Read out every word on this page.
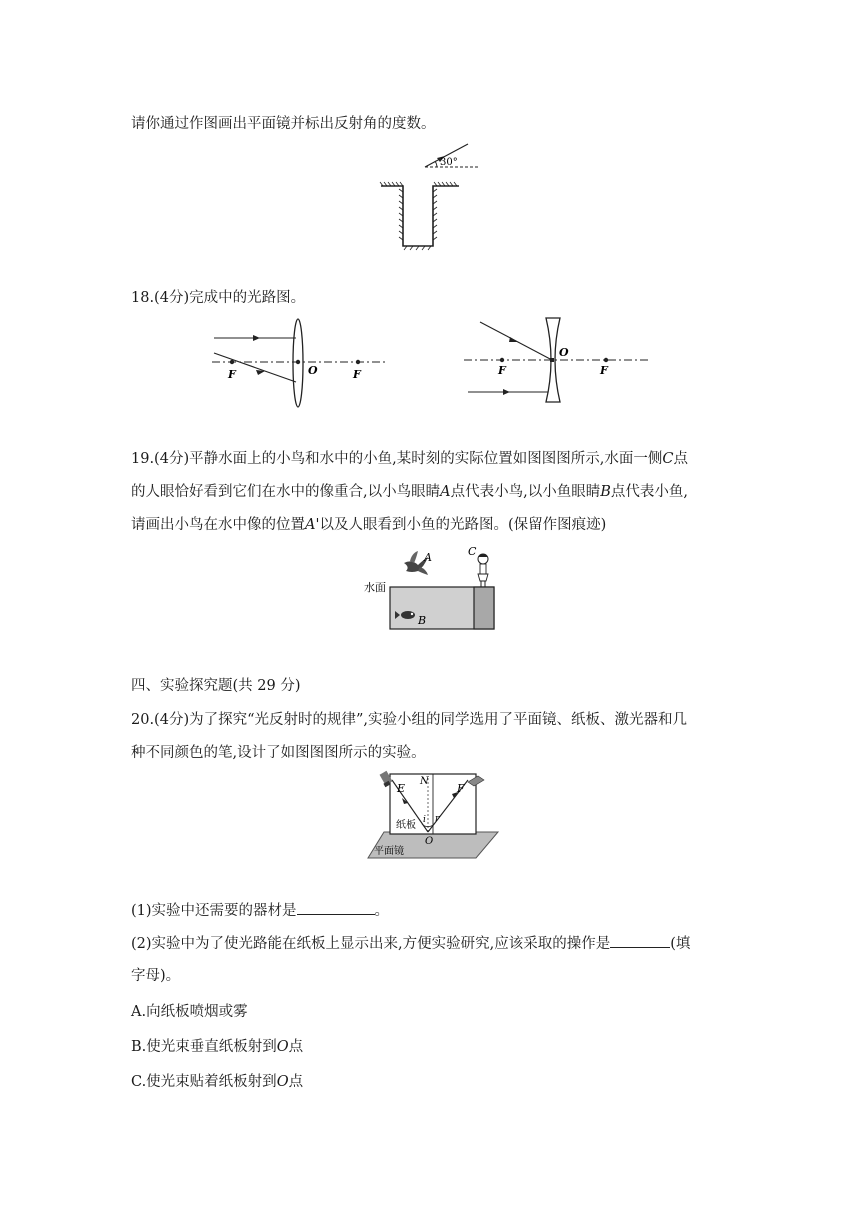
请你通过作图画出平面镜并标出反射角的度数。
30°
18.(4分)完成中的光路图。
F	O	F	F
O
F
19.(4分)平静水面上的小鸟和水中的小鱼,某时刻的实际位置如图图图所示,水面一侧C点
的人眼恰好看到它们在水中的像重合,以小鸟眼睛A点代表小鸟,以小鱼眼睛B点代表小鱼,
请画出小鸟在水中像的位置A'以及人眼看到小鱼的光路图。(保留作图痕迹)
水面
A	C
B
四、实验探究题(共 29 分)
20.(4分)为了探究“光反射时的规律”,实验小组的同学选用了平面镜、纸板、激光器和几
种不同颜色的笔,设计了如图图图所示的实验。
平面镜
E
N
F
i r
O
纸板
(1)实验中还需要的器材是	。
(2)实验中为了使光路能在纸板上显示出来,方便实验研究,应该采取的操作是	(填
字母)。
A.向纸板喷烟或雾
B.使光束垂直纸板射到O点
C.使光束贴着纸板射到O点
